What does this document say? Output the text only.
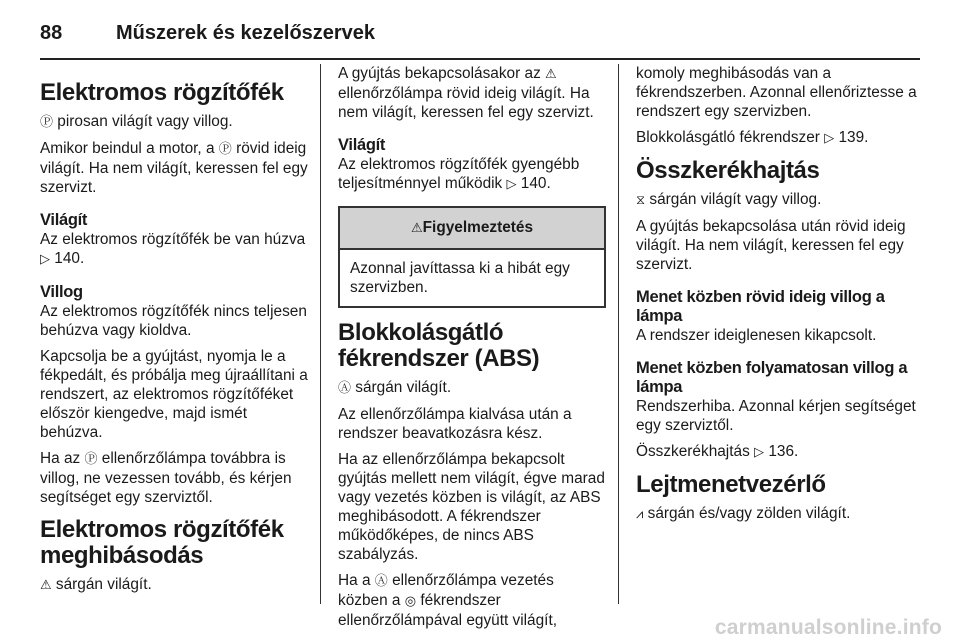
88	Műszerek és kezelőszervek
Elektromos rögzítőfék

Ⓟ pirosan világít vagy villog.

Amikor beindul a motor, a Ⓟ rövid ideig világít. Ha nem világít, keressen fel egy szervizt.

Világít

Az elektromos rögzítőfék be van húzva ▷ 140.

Villog

Az elektromos rögzítőfék nincs teljesen behúzva vagy kioldva.

Kapcsolja be a gyújtást, nyomja le a fékpedált, és próbálja meg újraállítani a rendszert, az elektromos rögzítőféket először kiengedve, majd ismét behúzva.

Ha az Ⓟ ellenőrzőlámpa továbbra is villog, ne vezessen tovább, és kérjen segítséget egy szerviztől.

Elektromos rögzítőfék meghibásodás

⚠ sárgán világít.

A gyújtás bekapcsolásakor az ⚠ ellenőrzőlámpa rövid ideig világít. Ha nem világít, keressen fel egy szervizt.

Világít

Az elektromos rögzítőfék gyengébb teljesítménnyel működik ▷ 140.

⚠Figyelmeztetés
Azonnal javíttassa ki a hibát egy szervizben.
Blokkolásgátló fékrendszer (ABS)

Ⓐ sárgán világít.

Az ellenőrzőlámpa kialvása után a rendszer beavatkozásra kész.

Ha az ellenőrzőlámpa bekapcsolt gyújtás mellett nem világít, égve marad vagy vezetés közben is világít, az ABS meghibásodott. A fékrendszer működőképes, de nincs ABS szabályzás.

Ha a Ⓐ ellenőrzőlámpa vezetés közben a ◎ fékrendszer ellenőrzőlámpával együtt világít,

komoly meghibásodás van a fékrendszerben. Azonnal ellenőriztesse a rendszert egy szervizben.

Blokkolásgátló fékrendszer ▷ 139.

Összkerékhajtás

⧖ sárgán világít vagy villog.

A gyújtás bekapcsolása után rövid ideig világít. Ha nem világít, keressen fel egy szervizt.

Menet közben rövid ideig villog a lámpa

A rendszer ideiglenesen kikapcsolt.

Menet közben folyamatosan villog a lámpa

Rendszerhiba. Azonnal kérjen segítséget egy szerviztől.

Összkerékhajtás ▷ 136.

Lejtmenetvezérlő

⩘ sárgán és/vagy zölden világít.

carmanualsonline.info
